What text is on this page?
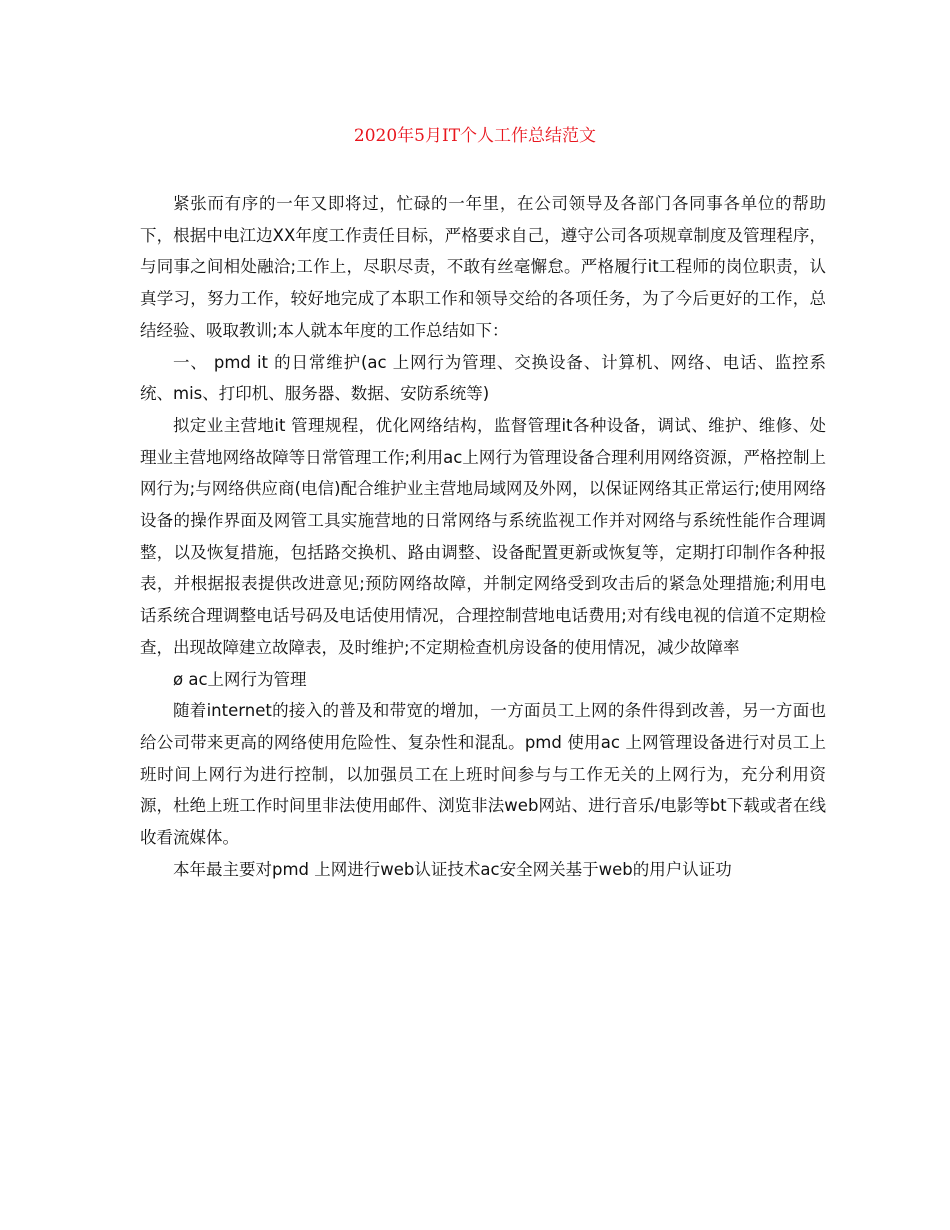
2020年5月IT个人工作总结范文

紧张而有序的一年又即将过，忙碌的一年里，在公司领导及各部门各同事各单位的帮助下，根据中电江边XX年度工作责任目标，严格要求自己，遵守公司各项规章制度及管理程序，与同事之间相处融洽;工作上，尽职尽责，不敢有丝毫懈怠。严格履行it工程师的岗位职责，认真学习，努力工作，较好地完成了本职工作和领导交给的各项任务，为了今后更好的工作，总结经验、吸取教训;本人就本年度的工作总结如下：

一、 pmd it 的日常维护(ac 上网行为管理、交换设备、计算机、网络、电话、监控系统、mis、打印机、服务器、数据、安防系统等)

拟定业主营地it 管理规程，优化网络结构，监督管理it各种设备，调试、维护、维修、处理业主营地网络故障等日常管理工作;利用ac上网行为管理设备合理利用网络资源，严格控制上网行为;与网络供应商(电信)配合维护业主营地局域网及外网，以保证网络其正常运行;使用网络设备的操作界面及网管工具实施营地的日常网络与系统监视工作并对网络与系统性能作合理调整，以及恢复措施，包括路交换机、路由调整、设备配置更新或恢复等，定期打印制作各种报表，并根据报表提供改进意见;预防网络故障，并制定网络受到攻击后的紧急处理措施;利用电话系统合理调整电话号码及电话使用情况，合理控制营地电话费用;对有线电视的信道不定期检查，出现故障建立故障表，及时维护;不定期检查机房设备的使用情况，减少故障率

ø ac上网行为管理

随着internet的接入的普及和带宽的增加，一方面员工上网的条件得到改善，另一方面也给公司带来更高的网络使用危险性、复杂性和混乱。pmd 使用ac 上网管理设备进行对员工上班时间上网行为进行控制，以加强员工在上班时间参与与工作无关的上网行为，充分利用资源，杜绝上班工作时间里非法使用邮件、浏览非法web网站、进行音乐/电影等bt下载或者在线收看流媒体。

本年最主要对pmd 上网进行web认证技术ac安全网关基于web的用户认证功
